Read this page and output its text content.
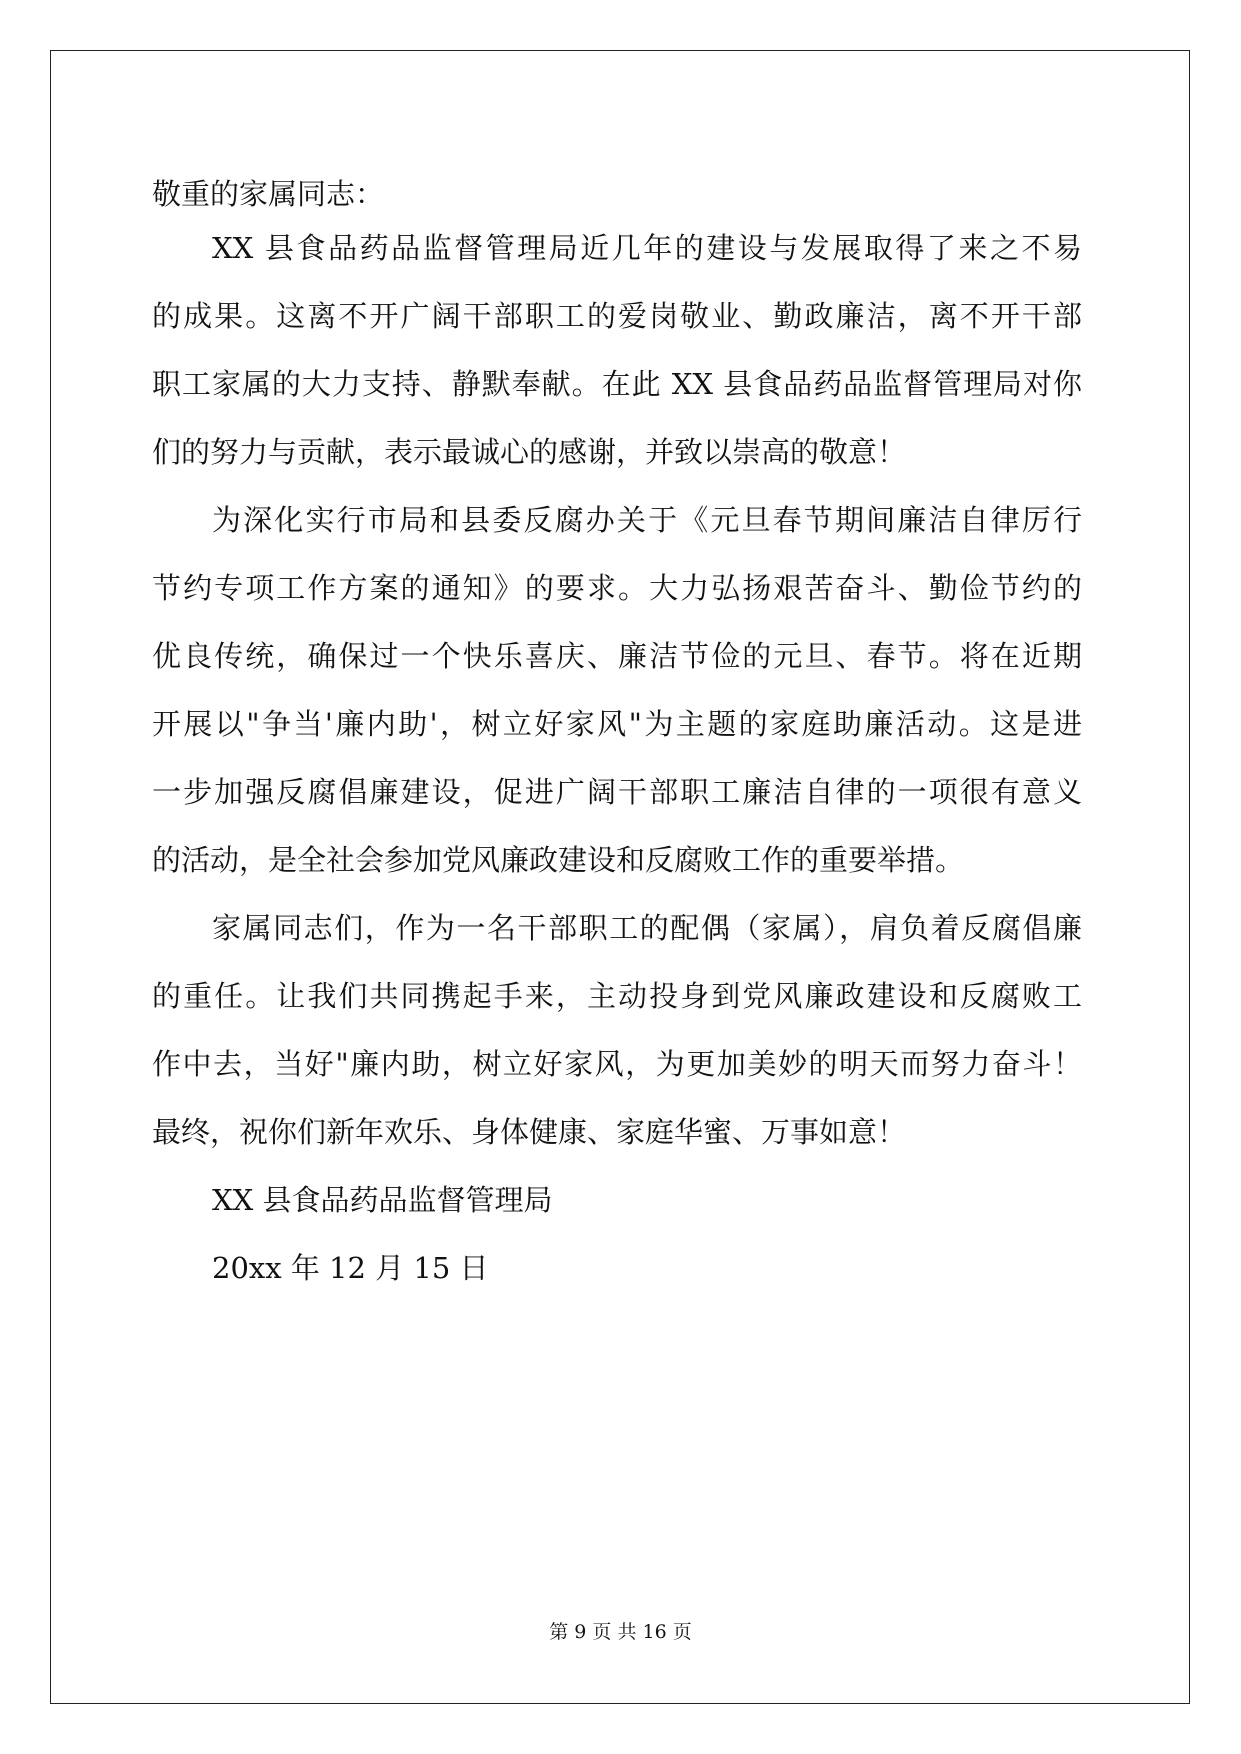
敬重的家属同志：
XX 县食品药品监督管理局近几年的建设与发展取得了来之不易
的成果。这离不开广阔干部职工的爱岗敬业、勤政廉洁，离不开干部
职工家属的大力支持、静默奉献。在此 XX 县食品药品监督管理局对你
们的努力与贡献，表示最诚心的感谢，并致以崇高的敬意！
为深化实行市局和县委反腐办关于《元旦春节期间廉洁自律厉行
节约专项工作方案的通知》的要求。大力弘扬艰苦奋斗、勤俭节约的
优良传统，确保过一个快乐喜庆、廉洁节俭的元旦、春节。将在近期
开展以"争当'廉内助'，树立好家风"为主题的家庭助廉活动。这是进
一步加强反腐倡廉建设，促进广阔干部职工廉洁自律的一项很有意义
的活动，是全社会参加党风廉政建设和反腐败工作的重要举措。
家属同志们，作为一名干部职工的配偶（家属），肩负着反腐倡廉
的重任。让我们共同携起手来，主动投身到党风廉政建设和反腐败工
作中去，当好"廉内助，树立好家风，为更加美妙的明天而努力奋斗！
最终，祝你们新年欢乐、身体健康、家庭华蜜、万事如意！
XX 县食品药品监督管理局
20xx 年 12 月 15 日
第 9 页 共 16 页
